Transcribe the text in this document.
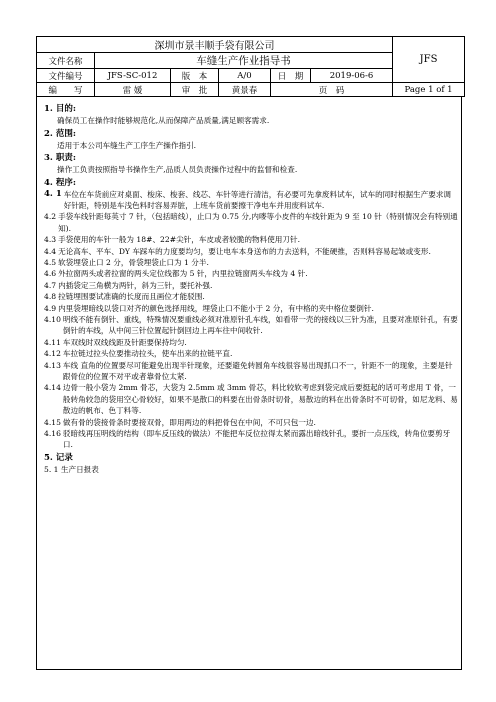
深圳市景丰顺手袋有限公司						JFS
文件名称	车缝生产作业指导书					
文件编号	JFS-SC-012	版　本	A/0	日　期	2019-06-6	
编　　写	雷 媛	审　批	黄景春	页　码		Page 1 of 1
1. 目的:
确保员工在操作时能够规范化,从而保障产品质量,满足顾客需求.
2. 范围:
适用于本公司车缝生产工序生产操作指引.
3. 职责:
操作工负责按照指导书操作生产,品质人员负责操作过程中的监督和检查.
4. 程序:
4. 1 车位在车货前应对桌面、梭床、梭套、线芯、车针等进行清洁，有必要可先拿废料试车，试车的同时根据生产要求调好针距，特别是车浅色料时容易弄脏，上班车货前要擦干净电车并用废料试车.
4.2 手袋车线针距每英寸 7 针，（包括暗线），止口为 0.75 分,内嘜等小皮件的车线针距为 9 至 10 针（特别情况会有特别通知).
4.3 手袋使用的车针一般为 18#、22#尖针，车皮或者较脆的物料使用刀针.
4.4 无论高车、平车、DY 车踩车的力度要均匀，要让电车本身送布的力去送料，不能硬推，否则料容易起皱或变形.
4.5 软袋埋袋止口 2 分，骨袋埋袋止口为 1 分半.
4.6 外拉窗两头或者拉窗的两头定位线都为 5 针，内里拉链窗两头车线为 4 针.
4.7 内插袋定三角横为两针，斜为三针，要托补强.
4.8 拉链埋围要试准确的长度而且画位才能驳围.
4.9 内里袋埋暗线以袋口对齐的颜色选择用线，埋袋止口不能小于 2 分，有中格的夹中格位要倒针.
4.10 明线不能有倒针、重线，特殊情况要重线必须对准原针孔车线，如看带一壳的接线以三针为准，且要对准原针孔，有要倒针的车线，从中间三针位置起针倒回边上再车往中间收针.
4.11 车双线时双线线距及针距要保持均匀.
4.12 车拉链过拉头位要推动拉头，使车出来的拉链平直.
4.13 车线 直角的位置要尽可能避免出现半针现象，还要避免转圆角车线很容易出现抓口不一，针距不一的现象，主要是针跟骨位的位置不对平或者靠骨位太紧.
4.14 边骨一般小袋为 2mm 骨芯，大袋为 2.5mm 或 3mm 骨芯，料比较软考虑到袋完成后要挺起的话可考虑用 T 骨，一般转角较急的袋用空心骨较好，如果不是散口的料要在出骨条时切骨，易散边的料在出骨条时不可切骨，如尼龙料、易散边的帆布、色丁料等.
4.15 做有骨的袋接骨条时要接双骨，即用两边的料把骨包在中间，不可只包一边.
4.16 驳暗线再压明线的结构（即车反压线的做法）不能把车反位拉得太紧而露出暗线针孔，要折一点压线，转角位要剪牙口.
5. 记录
5. 1 生产日报表
